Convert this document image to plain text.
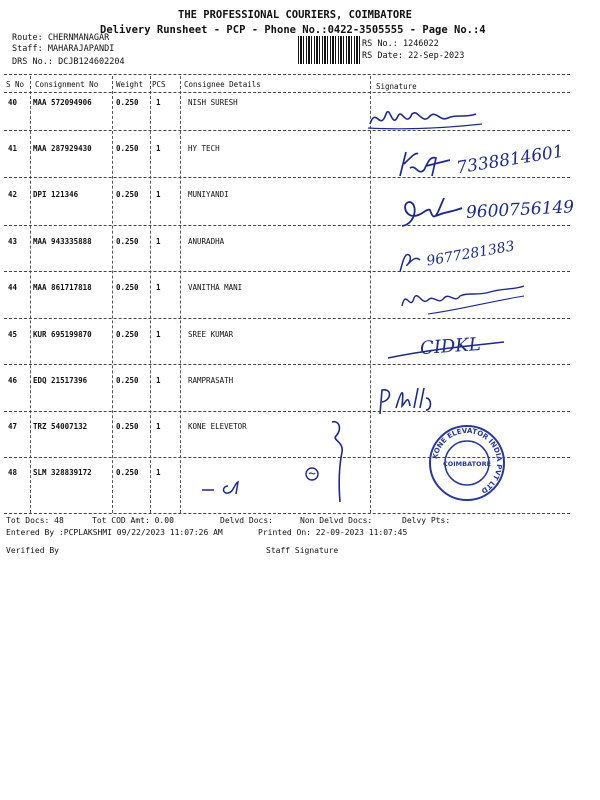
THE PROFESSIONAL COURIERS, COIMBATORE
Delivery Runsheet - PCP - Phone No.:0422-3505555 - Page No.:4
Route: CHERNMANAGAR
Staff: MAHARAJAPANDI
DRS No.: DCJB124602204
RS No.: 1246022
RS Date: 22-Sep-2023
S No Consignment No Weight PCS Consignee Details	Signature
40 MAA 572094906	0.250 1	NISH SURESH
41 MAA 287929430	0.250 1	HY TECH
42 DPI 121346	0.250 1	MUNIYANDI
43 MAA 943335888	0.250 1	ANURADHA
44 MAA 861717818	0.250 1	VANITHA MANI
45 KUR 695199870	0.250 1	SREE KUMAR
46 EDQ 21517396	0.250 1	RAMPRASATH
47 TRZ 54007132	0.250 1	KONE ELEVETOR
48 SLM 328839172	0.250 1
7338814601
9600756149
9677281383
CIDKL
KONE ELEVATOR INDIA PVT LTD
COIMBATORE
Tot Docs: 48	Tot COD Amt: 0.00	Delvd Docs:	Non Delvd Docs:	Delvy Pts:
Entered By :PCPLAKSHMI 09/22/2023 11:07:26 AM	Printed On: 22-09-2023 11:07:45
Verified By	Staff Signature
